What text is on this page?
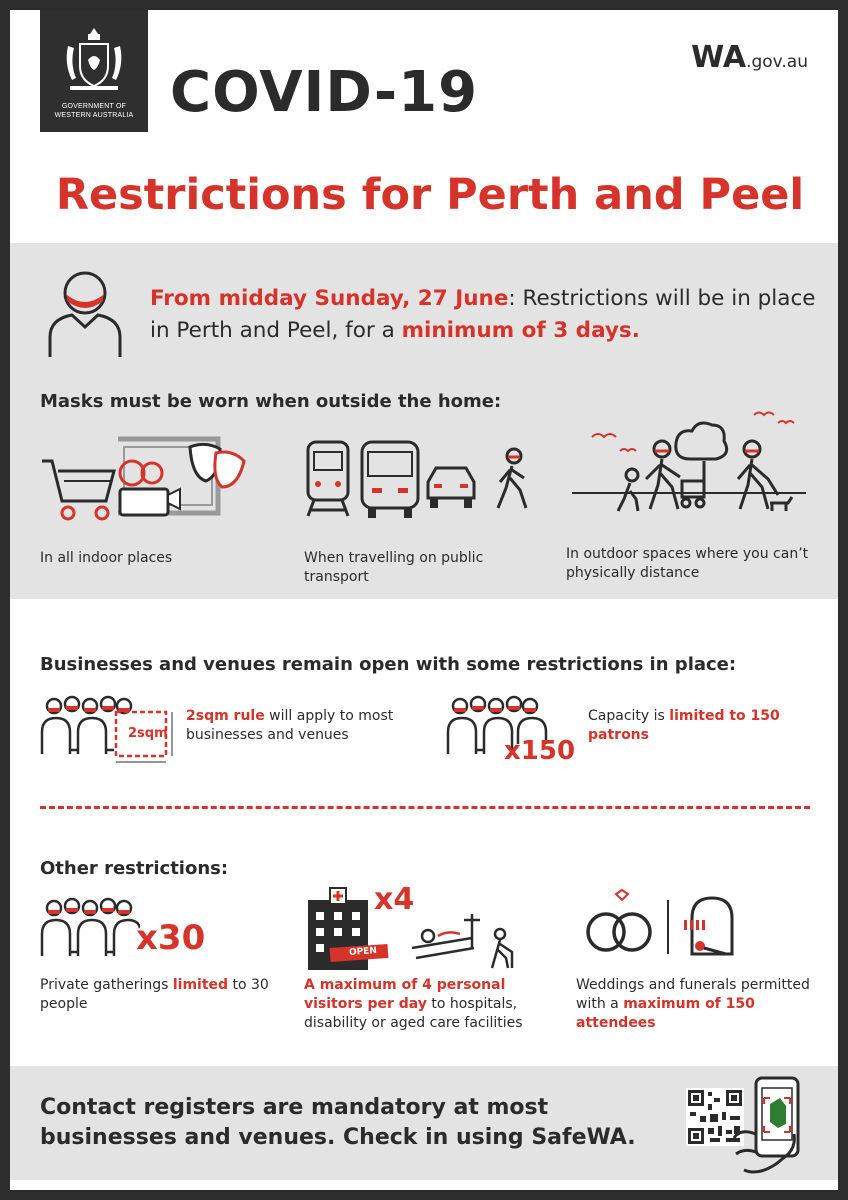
GOVERNMENT OF
WESTERN AUSTRALIA COVID-19
WA.gov.au
Restrictions for Perth and Peel
From midday Sunday, 27 June: Restrictions will be in place in Perth and Peel, for a minimum of 3 days.
Masks must be worn when outside the home:
In all indoor places	When travelling on public transport
In outdoor spaces where you can’t physically distance
Businesses and venues remain open with some restrictions in place:
2sqm
2sqm rule will apply to most businesses and venues
x150
Capacity is limited to 150 patrons
Other restrictions:
x30
Private gatherings limited to 30 people
x4
OPEN
A maximum of 4 personal visitors per day to hospitals, disability or aged care facilities
Weddings and funerals permitted with a maximum of 150 attendees
Contact registers are mandatory at most businesses and venues. Check in using SafeWA.
